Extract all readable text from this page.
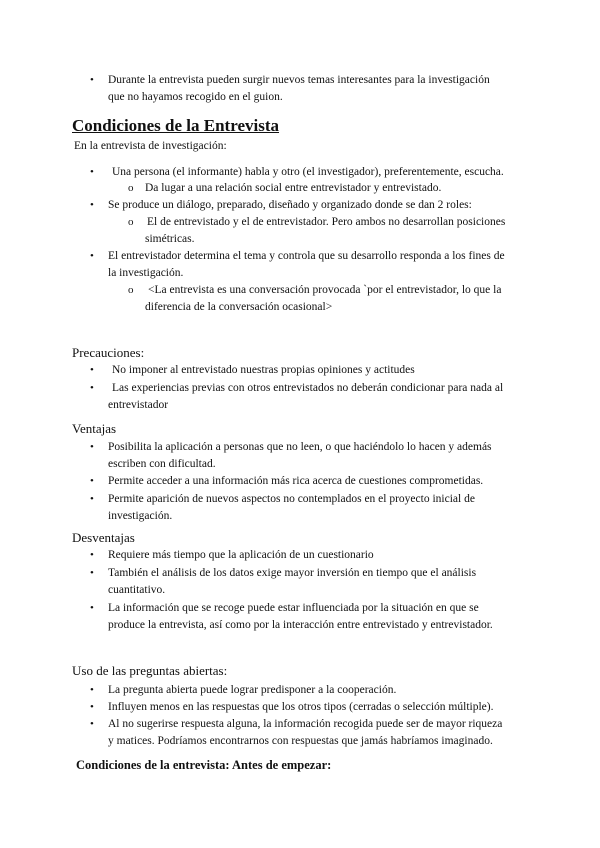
• Durante la entrevista pueden surgir nuevos temas interesantes para la investigación
que no hayamos recogido en el guion.
Condiciones de la Entrevista
En la entrevista de investigación:
• Una persona (el informante) habla y otro (el investigador), preferentemente, escucha.
o Da lugar a una relación social entre entrevistador y entrevistado.
• Se produce un diálogo, preparado, diseñado y organizado donde se dan 2 roles:
o El de entrevistado y el de entrevistador. Pero ambos no desarrollan posiciones
simétricas.
• El entrevistador determina el tema y controla que su desarrollo responda a los fines de
la investigación.
o <La entrevista es una conversación provocada `por el entrevistador, lo que la
diferencia de la conversación ocasional>
Precauciones:
• No imponer al entrevistado nuestras propias opiniones y actitudes
• Las experiencias previas con otros entrevistados no deberán condicionar para nada al
entrevistador
Ventajas
• Posibilita la aplicación a personas que no leen, o que haciéndolo lo hacen y además
escriben con dificultad.
• Permite acceder a una información más rica acerca de cuestiones comprometidas.
• Permite aparición de nuevos aspectos no contemplados en el proyecto inicial de
investigación.
Desventajas
• Requiere más tiempo que la aplicación de un cuestionario
• También el análisis de los datos exige mayor inversión en tiempo que el análisis
cuantitativo.
• La información que se recoge puede estar influenciada por la situación en que se
produce la entrevista, así como por la interacción entre entrevistado y entrevistador.
Uso de las preguntas abiertas:
• La pregunta abierta puede lograr predisponer a la cooperación.
• Influyen menos en las respuestas que los otros tipos (cerradas o selección múltiple).
• Al no sugerirse respuesta alguna, la información recogida puede ser de mayor riqueza
y matices. Podríamos encontrarnos con respuestas que jamás habríamos imaginado.
Condiciones de la entrevista: Antes de empezar:
